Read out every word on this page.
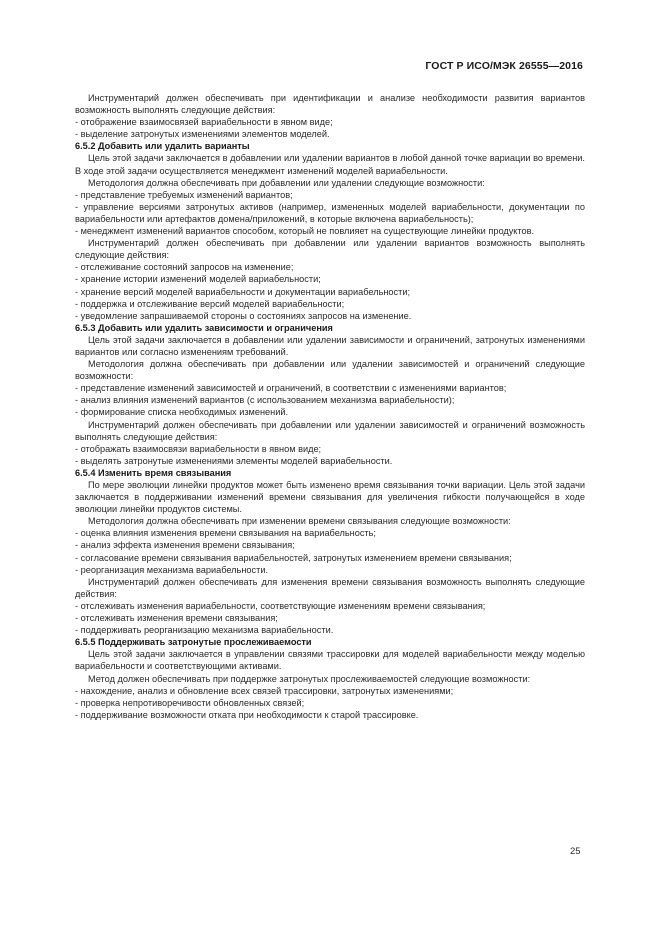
ГОСТ Р ИСО/МЭК 26555—2016

Инструментарий должен обеспечивать при идентификации и анализе необходимости развития вариантов возможность выполнять следующие действия:

- отображение взаимосвязей вариабельности в явном виде;

- выделение затронутых изменениями элементов моделей.

6.5.2 Добавить или удалить варианты

Цель этой задачи заключается в добавлении или удалении вариантов в любой данной точке вариации во времени. В ходе этой задачи осуществляется менеджмент изменений моделей вариабельности.

Методология должна обеспечивать при добавлении или удалении следующие возможности:

- представление требуемых изменений вариантов;

- управление версиями затронутых активов (например, измененных моделей вариабельности, документации по вариабельности или артефактов домена/приложений, в которые включена вариабельность);

- менеджмент изменений вариантов способом, который не повлияет на существующие линейки продуктов.

Инструментарий должен обеспечивать при добавлении или удалении вариантов возможность выполнять следующие действия:

- отслеживание состояний запросов на изменение;

- хранение истории изменений моделей вариабельности;

- хранение версий моделей вариабельности и документации вариабельности;

- поддержка и отслеживание версий моделей вариабельности;

- уведомление запрашиваемой стороны о состояниях запросов на изменение.

6.5.3 Добавить или удалить зависимости и ограничения

Цель этой задачи заключается в добавлении или удалении зависимости и ограничений, затронутых изменениями вариантов или согласно изменениям требований.

Методология должна обеспечивать при добавлении или удалении зависимостей и ограничений следующие возможности:

- представление изменений зависимостей и ограничений, в соответствии с изменениями вариантов;

- анализ влияния изменений вариантов (с использованием механизма вариабельности);

- формирование списка необходимых изменений.

Инструментарий должен обеспечивать при добавлении или удалении зависимостей и ограничений возможность выполнять следующие действия:

- отображать взаимосвязи вариабельности в явном виде;

- выделять затронутые изменениями элементы моделей вариабельности.

6.5.4 Изменить время связывания

По мере эволюции линейки продуктов может быть изменено время связывания точки вариации. Цель этой задачи заключается в поддерживании изменений времени связывания для увеличения гибкости получающейся в ходе эволюции линейки продуктов системы.

Методология должна обеспечивать при изменении времени связывания следующие возможности:

- оценка влияния изменения времени связывания на вариабельность;

- анализ эффекта изменения времени связывания;

- согласование времени связывания вариабельностей, затронутых изменением времени связывания;

- реорганизация механизма вариабельности.

Инструментарий должен обеспечивать для изменения времени связывания возможность выполнять следующие действия:

- отслеживать изменения вариабельности, соответствующие изменениям времени связывания;

- отслеживать изменения времени связывания;

- поддерживать реорганизацию механизма вариабельности.

6.5.5 Поддерживать затронутые прослеживаемости

Цель этой задачи заключается в управлении связями трассировки для моделей вариабельности между моделью вариабельности и соответствующими активами.

Метод должен обеспечивать при поддержке затронутых прослеживаемостей следующие возможности:

- нахождение, анализ и обновление всех связей трассировки, затронутых изменениями;

- проверка непротиворечивости обновленных связей;

- поддерживание возможности отката при необходимости к старой трассировке.

25
